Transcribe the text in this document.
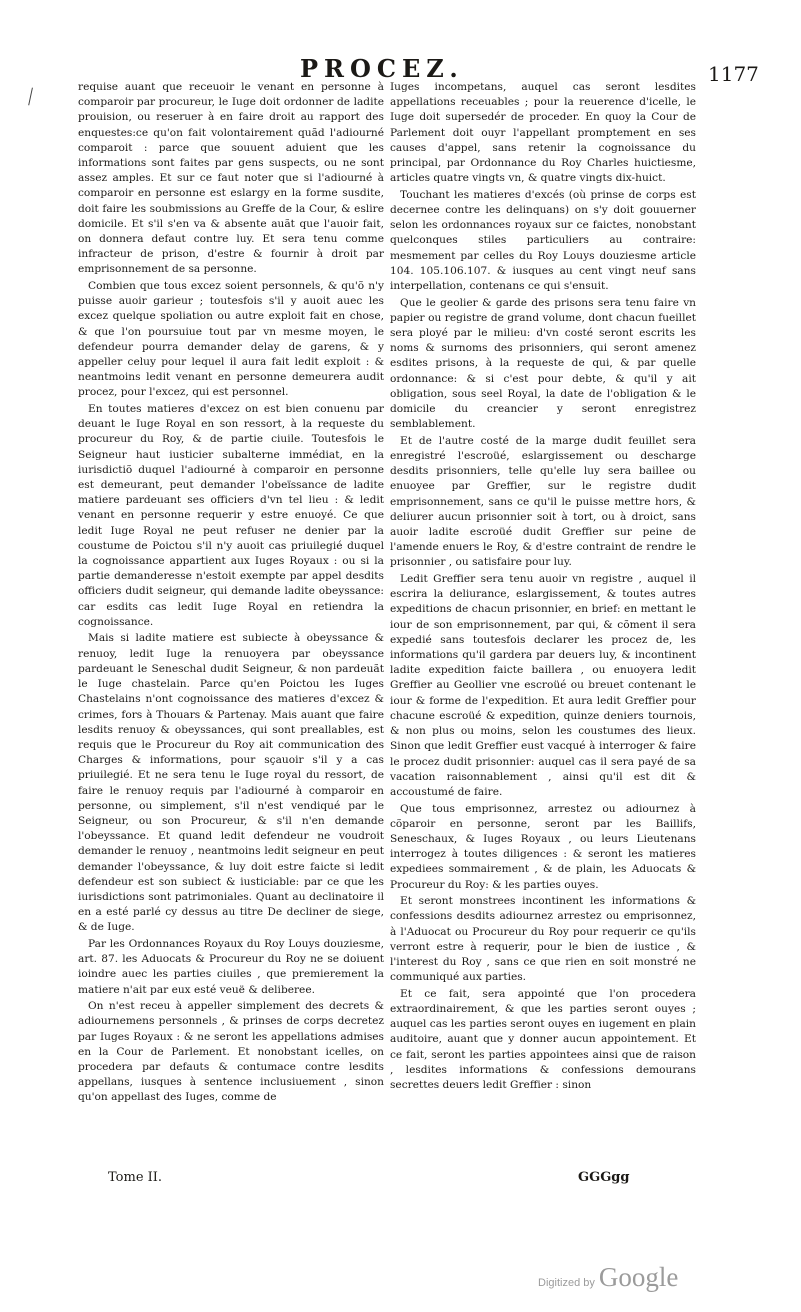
PROCEZ.	1177

requise auant que receuoir le venant en personne à comparoir par procureur, le Iuge doit ordonner de ladite prouision, ou reseruer à en faire droit au rapport des enquestes:ce qu'on fait volontairement quãd l'adiourné comparoit : parce que souuent aduient que les informations sont faites par gens suspects, ou ne sont assez amples. Et sur ce faut noter que si l'adiourné à comparoir en personne est eslargy en la forme susdite, doit faire les soubmissions au Greffe de la Cour, & eslire domicile. Et s'il s'en va & absente auãt que l'auoir fait, on donnera defaut contre luy. Et sera tenu comme infracteur de prison, d'estre & fournir à droit par emprisonnement de sa personne.

Combien que tous excez soient personnels, & qu'õ n'y puisse auoir garieur ; toutesfois s'il y auoit auec les excez quelque spoliation ou autre exploit fait en chose, & que l'on poursuiue tout par vn mesme moyen, le defendeur pourra demander delay de garens, & y appeller celuy pour lequel il aura fait ledit exploit : & neantmoins ledit venant en personne demeurera audit procez, pour l'excez, qui est personnel.

En toutes matieres d'excez on est bien conuenu par deuant le Iuge Royal en son ressort, à la requeste du procureur du Roy, & de partie ciuile. Toutesfois le Seigneur haut iusticier subalterne immédiat, en la iurisdictiõ duquel l'adiourné à comparoir en personne est demeurant, peut demander l'obeïssance de ladite matiere pardeuant ses officiers d'vn tel lieu : & ledit venant en personne requerir y estre enuoyé. Ce que ledit Iuge Royal ne peut refuser ne denier par la coustume de Poictou s'il n'y auoit cas priuilegié duquel la cognoissance appartient aux Iuges Royaux : ou si la partie demanderesse n'estoit exempte par appel desdits officiers dudit seigneur, qui demande ladite obeyssance: car esdits cas ledit Iuge Royal en retiendra la cognoissance.

Mais si ladite matiere est subiecte à obeyssance & renuoy, ledit Iuge la renuoyera par obeyssance pardeuant le Seneschal dudit Seigneur, & non pardeuãt le Iuge chastelain. Parce qu'en Poictou les Iuges Chastelains n'ont cognoissance des matieres d'excez & crimes, fors à Thouars & Partenay. Mais auant que faire lesdits renuoy & obeyssances, qui sont preallables, est requis que le Procureur du Roy ait communication des Charges & informations, pour sçauoir s'il y a cas priuilegié. Et ne sera tenu le Iuge royal du ressort, de faire le renuoy requis par l'adiourné à comparoir en personne, ou simplement, s'il n'est vendiqué par le Seigneur, ou son Procureur, & s'il n'en demande l'obeyssance. Et quand ledit defendeur ne voudroit demander le renuoy , neantmoins ledit seigneur en peut demander l'obeyssance, & luy doit estre faicte si ledit defendeur est son subiect & iusticiable: par ce que les iurisdictions sont patrimoniales. Quant au declinatoire il en a esté parlé cy dessus au titre De decliner de siege, & de Iuge.

Par les Ordonnances Royaux du Roy Louys douziesme, art. 87. les Aduocats & Procureur du Roy ne se doiuent ioindre auec les parties ciuiles , que premierement la matiere n'ait par eux esté veuë & deliberee.

On n'est receu à appeller simplement des decrets & adiournemens personnels , & prinses de corps decretez par Iuges Royaux : & ne seront les appellations admises en la Cour de Parlement. Et nonobstant icelles, on procedera par defauts & contumace contre lesdits appellans, iusques à sentence inclusiuement , sinon qu'on appellast des Iuges, comme de

Iuges incompetans, auquel cas seront lesdites appellations receuables ; pour la reuerence d'icelle, le Iuge doit supersedér de proceder. En quoy la Cour de Parlement doit ouyr l'appellant promptement en ses causes d'appel, sans retenir la cognoissance du principal, par Ordonnance du Roy Charles huictiesme, articles quatre vingts vn, & quatre vingts dix-huict.

Touchant les matieres d'excés (où prinse de corps est decernee contre les delinquans) on s'y doit gouuerner selon les ordonnances royaux sur ce faictes, nonobstant quelconques stiles particuliers au contraire: mesmement par celles du Roy Louys douziesme article 104. 105.106.107. & iusques au cent vingt neuf sans interpellation, contenans ce qui s'ensuit.

Que le geolier & garde des prisons sera tenu faire vn papier ou registre de grand volume, dont chacun fueillet sera ployé par le milieu: d'vn costé seront escrits les noms & surnoms des prisonniers, qui seront amenez esdites prisons, à la requeste de qui, & par quelle ordonnance: & si c'est pour debte, & qu'il y ait obligation, sous seel Royal, la date de l'obligation & le domicile du creancier y seront enregistrez semblablement.

Et de l'autre costé de la marge dudit feuillet sera enregistré l'escroüé, eslargissement ou descharge desdits prisonniers, telle qu'elle luy sera baillee ou enuoyee par Greffier, sur le registre dudit emprisonnement, sans ce qu'il le puisse mettre hors, & deliurer aucun prisonnier soit à tort, ou à droict, sans auoir ladite escroüé dudit Greffier sur peine de l'amende enuers le Roy, & d'estre contraint de rendre le prisonnier , ou satisfaire pour luy.

Ledit Greffier sera tenu auoir vn registre , auquel il escrira la deliurance, eslargissement, & toutes autres expeditions de chacun prisonnier, en brief: en mettant le iour de son emprisonnement, par qui, & cõment il sera expedié sans toutesfois declarer les procez de, les informations qu'il gardera par deuers luy, & incontinent ladite expedition faicte baillera , ou enuoyera ledit Greffier au Geollier vne escroüé ou breuet contenant le iour & forme de l'expedition. Et aura ledit Greffier pour chacune escroüé & expedition, quinze deniers tournois, & non plus ou moins, selon les coustumes des lieux. Sinon que ledit Greffier eust vacqué à interroger & faire le procez dudit prisonnier: auquel cas il sera payé de sa vacation raisonnablement , ainsi qu'il est dit & accoustumé de faire.

Que tous emprisonnez, arrestez ou adiournez à cõparoir en personne, seront par les Baillifs, Seneschaux, & Iuges Royaux , ou leurs Lieutenans interrogez à toutes diligences : & seront les matieres expediees sommairement , & de plain, les Aduocats & Procureur du Roy: & les parties ouyes.

Et seront monstrees incontinent les informations & confessions desdits adiournez arrestez ou emprisonnez, à l'Aduocat ou Procureur du Roy pour requerir ce qu'ils verront estre à requerir, pour le bien de iustice , & l'interest du Roy , sans ce que rien en soit monstré ne communiqué aux parties.

Et ce fait, sera appointé que l'on procedera extraordinairement, & que les parties seront ouyes ; auquel cas les parties seront ouyes en iugement en plain auditoire, auant que y donner aucun appointement. Et ce fait, seront les parties appointees ainsi que de raison , lesdites informations & confessions demourans secrettes deuers ledit Greffier : sinon

Tome II.	GGGgg
Digitized by Google
